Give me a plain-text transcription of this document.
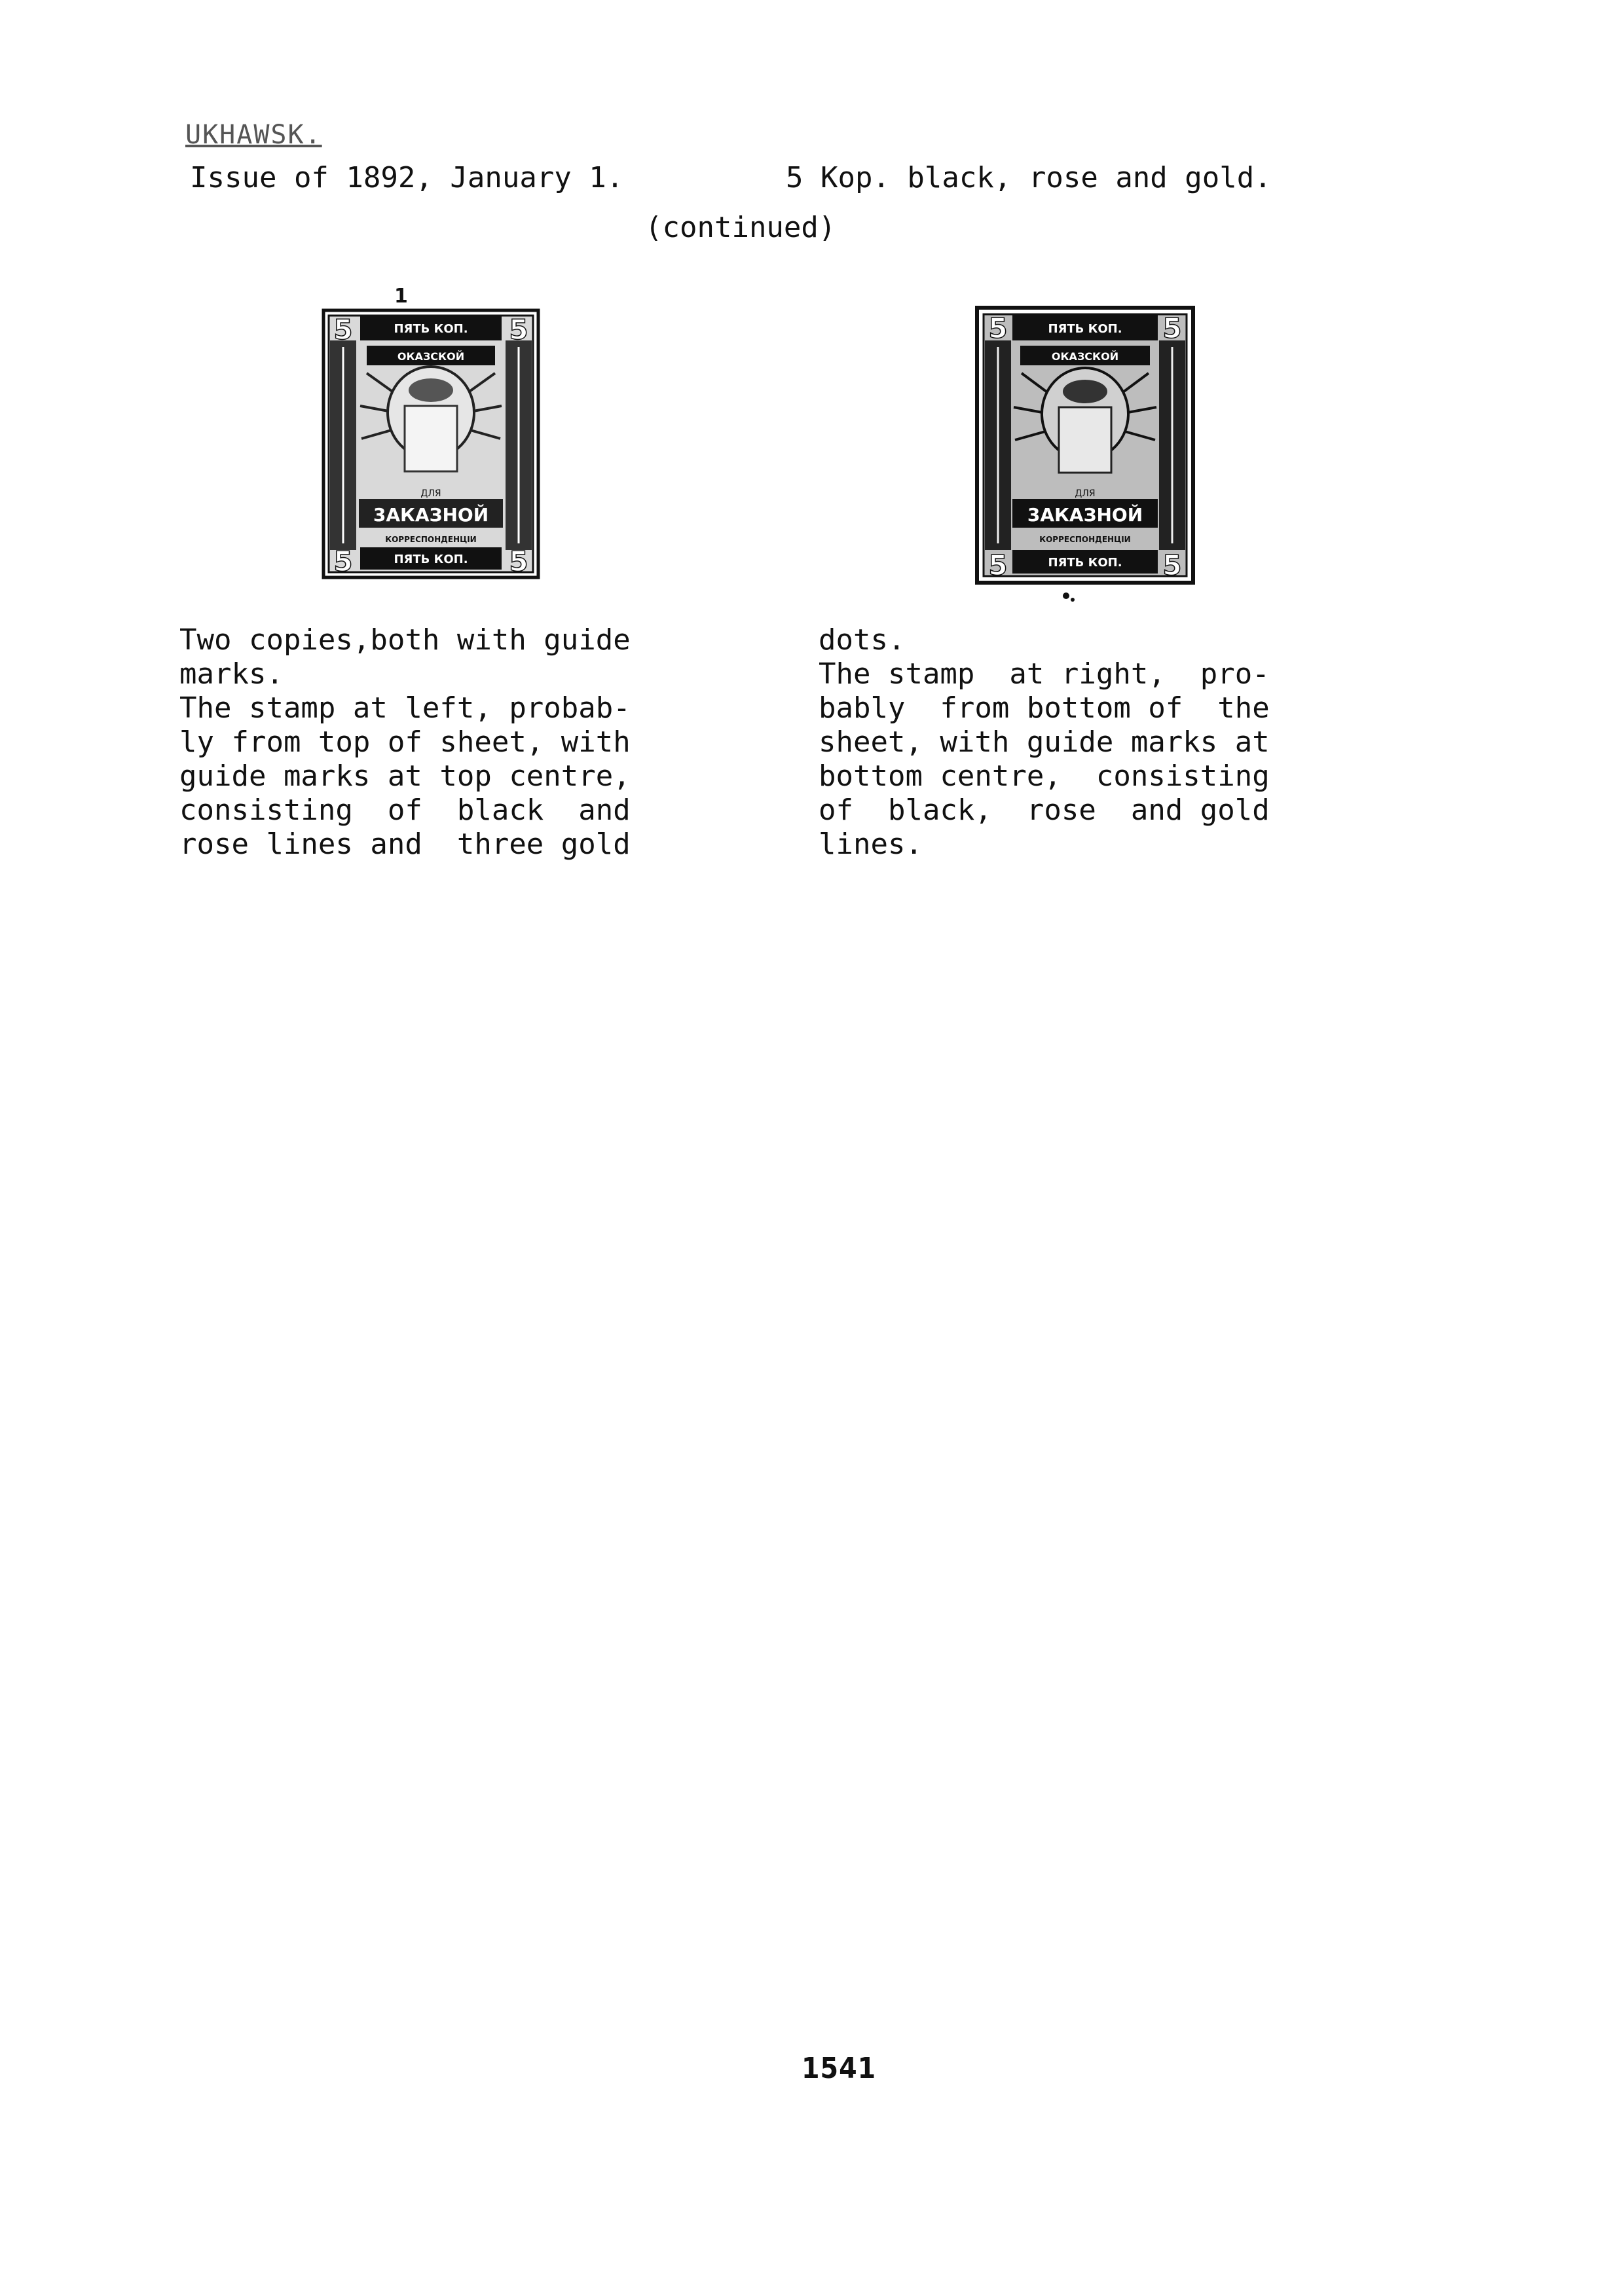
UKHAWSK.
Issue of 1892, January 1.	5 Kop. black, rose and gold.
(continued)
1
ПЯТЬ КОП.
5	5
ОКАЗСКОЙ
ДЛЯ
3АКАЗНОЙ
КОРРЕСПОНДЕНЦІИ
ПЯТЬ КОП.
5	5
ПЯТЬ КОП.
5	5
ОКАЗСКОЙ
ДЛЯ
3АКАЗНОЙ
КОРРЕСПОНДЕНЦІИ
ПЯТЬ КОП.
5	5

Two copies,both with guide

marks.

The stamp at left, probab-

ly from top of sheet, with

guide marks at top centre,

consisting  of  black  and

rose lines and  three gold

dots.

The stamp  at right,  pro-

bably  from bottom of  the

sheet, with guide marks at

bottom centre,  consisting

of  black,  rose  and gold

lines.

1541
